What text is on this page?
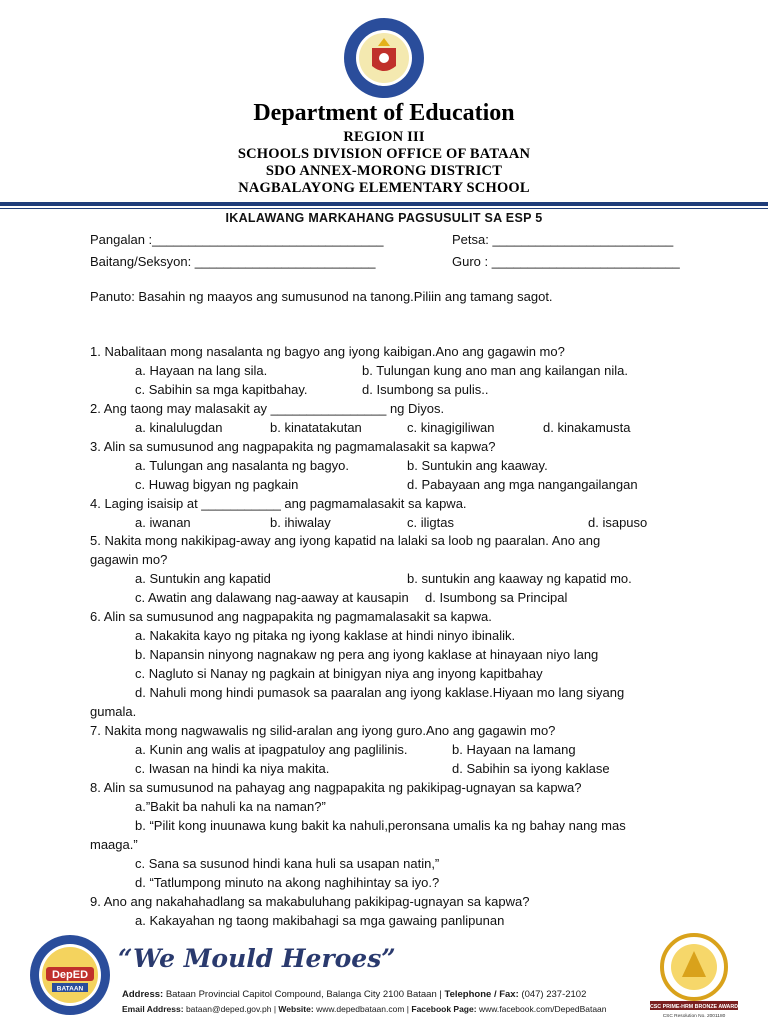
Department of Education
REGION III
SCHOOLS DIVISION OFFICE OF BATAAN
SDO ANNEX-MORONG DISTRICT
NAGBALAYONG ELEMENTARY SCHOOL
IKALAWANG MARKAHANG PAGSUSULIT SA ESP 5
Pangalan :________________________________	Petsa: _________________________
Baitang/Seksyon: _________________________	Guro : __________________________
Panuto: Basahin ng maayos ang sumusunod na tanong.Piliin ang tamang sagot.
1. Nabalitaan mong nasalanta ng bagyo ang iyong kaibigan.Ano ang gagawin mo?
a. Hayaan na lang sila.	b. Tulungan kung ano man ang kailangan nila.
c. Sabihin sa mga kapitbahay.	d. Isumbong sa pulis..
2. Ang taong may malasakit ay ________________ ng Diyos.
a. kinalulugdan	b. kinatatakutan	c. kinagigiliwan	d. kinakamusta
3. Alin sa sumusunod ang nagpapakita ng pagmamalasakit sa kapwa?
a. Tulungan ang nasalanta ng bagyo.	b. Suntukin ang kaaway.
c. Huwag bigyan ng pagkain	d. Pabayaan ang mga nangangailangan
4. Laging isaisip at ___________ ang pagmamalasakit sa kapwa.
a. iwanan	b. ihiwalay	c. iligtas	d. isapuso
5. Nakita mong nakikipag-away ang iyong kapatid na lalaki sa loob ng paaralan. Ano ang
gagawin mo?
a. Suntukin ang kapatid	b. suntukin ang kaaway ng kapatid mo.
c. Awatin ang dalawang nag-aaway at kausapin d. Isumbong sa Principal
6. Alin sa sumusunod ang nagpapakita ng pagmamalasakit sa kapwa.
a. Nakakita kayo ng pitaka ng iyong kaklase at hindi ninyo ibinalik.
b. Napansin ninyong nagnakaw ng pera ang iyong kaklase at hinayaan niyo lang
c. Nagluto si Nanay ng pagkain at binigyan niya ang inyong kapitbahay
d. Nahuli mong hindi pumasok sa paaralan ang iyong kaklase.Hiyaan mo lang siyang
gumala.
7. Nakita mong nagwawalis ng silid-aralan ang iyong guro.Ano ang gagawin mo?
a. Kunin ang walis at ipagpatuloy ang paglilinis.	b. Hayaan na lamang
c. Iwasan na hindi ka niya makita.	d. Sabihin sa iyong kaklase
8. Alin sa sumusunod na pahayag ang nagpapakita ng pakikipag-ugnayan sa kapwa?
a.”Bakit ba nahuli ka na naman?”
b. “Pilit kong inuunawa kung bakit ka nahuli,peronsana umalis ka ng bahay nang mas
maaga.”
c. Sana sa susunod hindi kana huli sa usapan natin,”
d. “Tatlumpong minuto na akong naghihintay sa iyo.?
9. Ano ang nakahahadlang sa makabuluhang pakikipag-ugnayan sa kapwa?
a. Kakayahan ng taong makibahagi sa mga gawaing panlipunan
DepED
BATAAN
“We Mould Heroes”
Address: Bataan Provincial Capitol Compound, Balanga City 2100 Bataan | Telephone / Fax: (047) 237-2102
Email Address: bataan@deped.gov.ph | Website: www.depedbataan.com | Facebook Page: www.facebook.com/DepedBataan	CSC PRIME-HRM BRONZE AWARD
CSC Resolution No. 2001180
